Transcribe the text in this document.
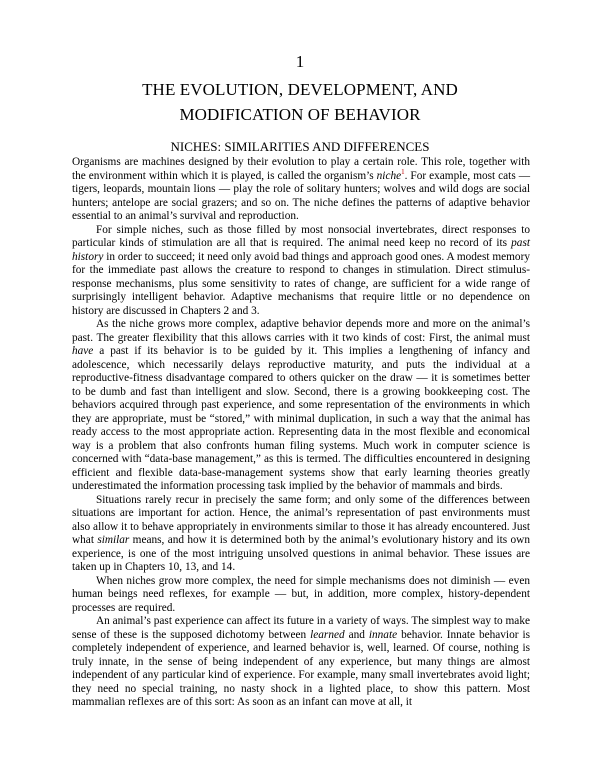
1
THE EVOLUTION, DEVELOPMENT, AND
MODIFICATION OF BEHAVIOR
NICHES: SIMILARITIES AND DIFFERENCES

Organisms are machines designed by their evolution to play a certain role. This role, together with the environment within which it is played, is called the organism’s niche$^1$. For example, most cats — tigers, leopards, mountain lions — play the role of solitary hunters; wolves and wild dogs are social hunters; antelope are social grazers; and so on. The niche defines the patterns of adaptive behavior essential to an animal’s survival and reproduction.

For simple niches, such as those filled by most nonsocial invertebrates, direct responses to particular kinds of stimulation are all that is required. The animal need keep no record of its past history in order to succeed; it need only avoid bad things and approach good ones. A modest memory for the immediate past allows the creature to respond to changes in stimulation. Direct stimulus-response mechanisms, plus some sensitivity to rates of change, are sufficient for a wide range of surprisingly intelligent behavior. Adaptive mechanisms that require little or no dependence on history are discussed in Chapters 2 and 3.

As the niche grows more complex, adaptive behavior depends more and more on the animal’s past. The greater flexibility that this allows carries with it two kinds of cost: First, the animal must have a past if its behavior is to be guided by it. This implies a lengthening of infancy and adolescence, which necessarily delays reproductive maturity, and puts the individual at a reproductive-fitness disadvantage compared to others quicker on the draw — it is sometimes better to be dumb and fast than intelligent and slow. Second, there is a growing bookkeeping cost. The behaviors acquired through past experience, and some representation of the environments in which they are appropriate, must be “stored,” with minimal duplication, in such a way that the animal has ready access to the most appropriate action. Representing data in the most flexible and economical way is a problem that also confronts human filing systems. Much work in computer science is concerned with “data-base management,” as this is termed. The difficulties encountered in designing efficient and flexible data-base-management systems show that early learning theories greatly underestimated the information processing task implied by the behavior of mammals and birds.

Situations rarely recur in precisely the same form; and only some of the differences between situations are important for action. Hence, the animal’s representation of past environments must also allow it to behave appropriately in environments similar to those it has already encountered. Just what similar means, and how it is determined both by the animal’s evolutionary history and its own experience, is one of the most intriguing unsolved questions in animal behavior. These issues are taken up in Chapters 10, 13, and 14.

When niches grow more complex, the need for simple mechanisms does not diminish — even human beings need reflexes, for example — but, in addition, more complex, history-dependent processes are required.

An animal’s past experience can affect its future in a variety of ways. The simplest way to make sense of these is the supposed dichotomy between learned and innate behavior. Innate behavior is completely independent of experience, and learned behavior is, well, learned. Of course, nothing is truly innate, in the sense of being independent of any experience, but many things are almost independent of any particular kind of experience. For example, many small invertebrates avoid light; they need no special training, no nasty shock in a lighted place, to show this pattern. Most mammalian reflexes are of this sort: As soon as an infant can move at all, it
